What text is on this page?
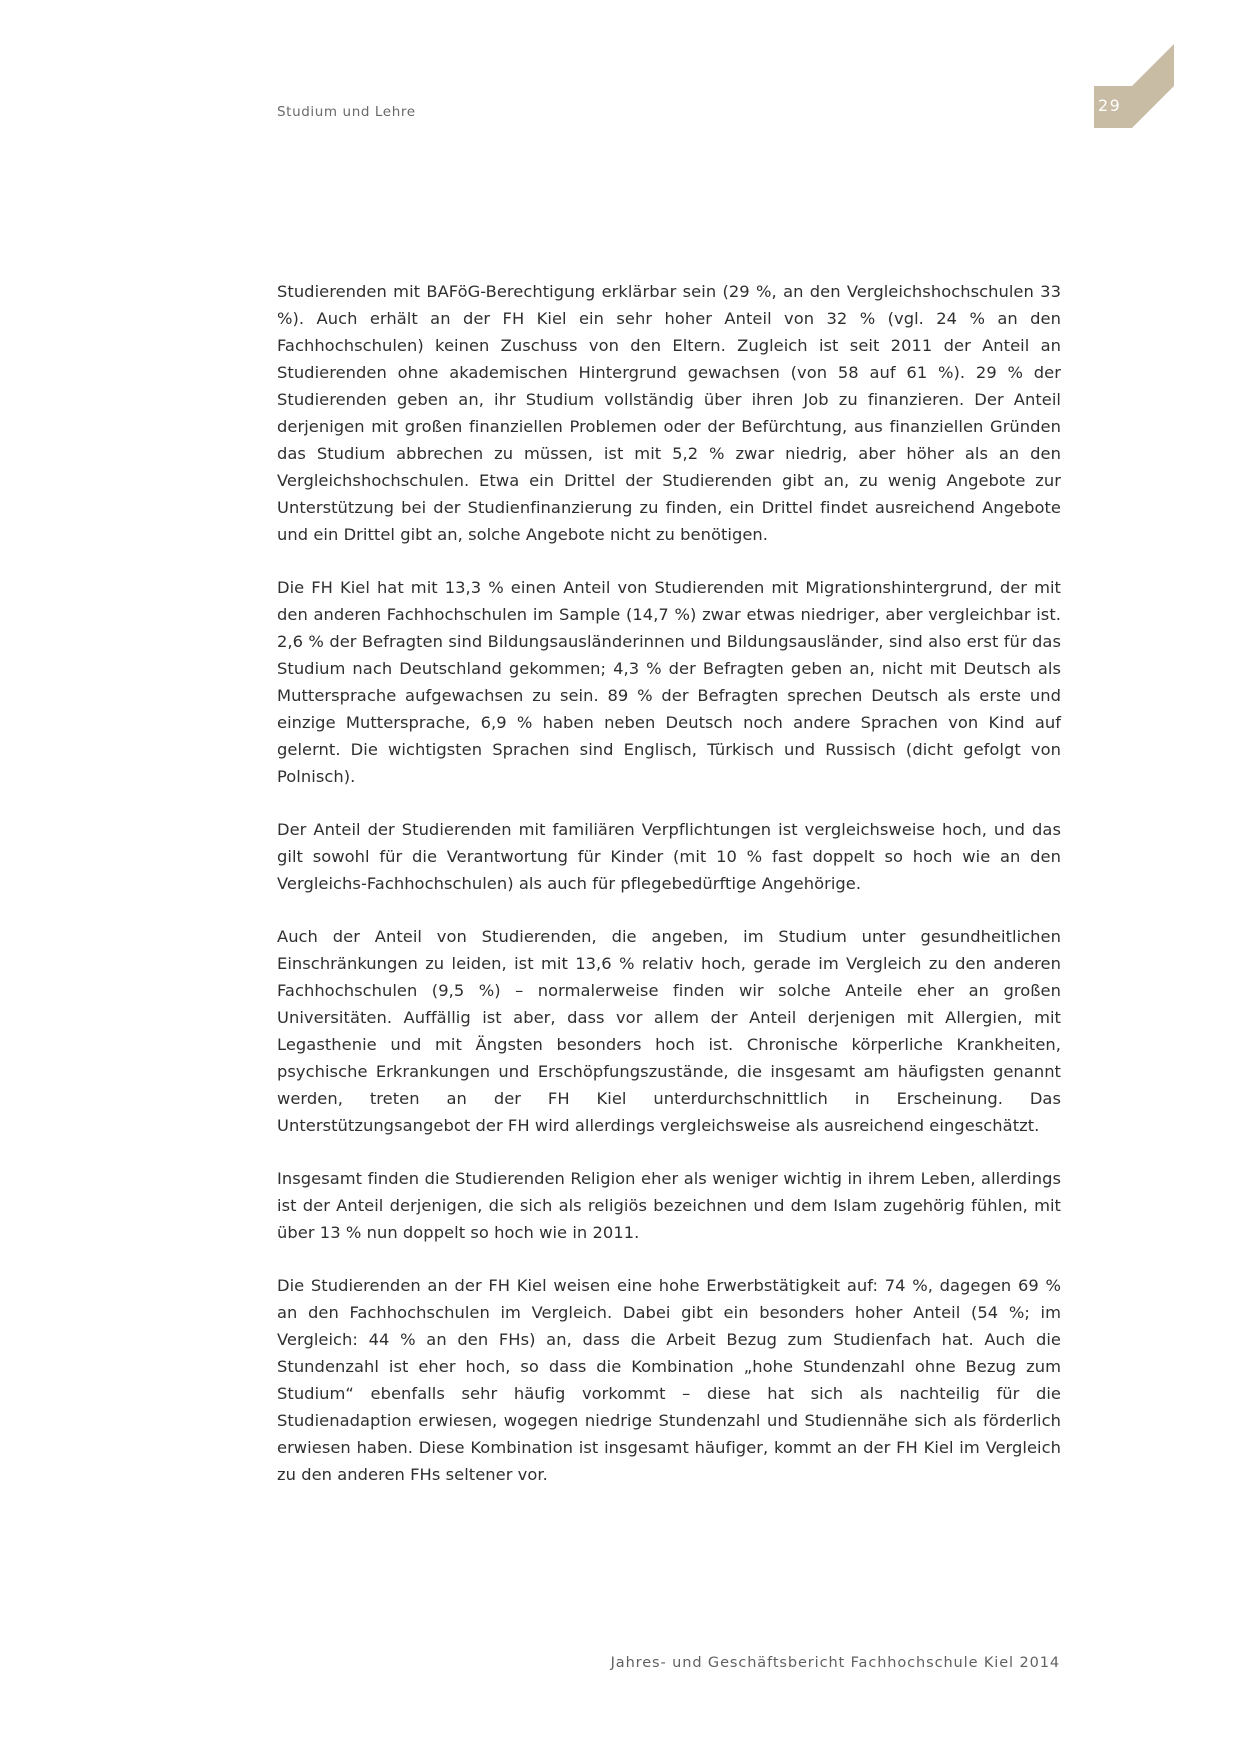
Studium und Lehre	29

Studierenden mit BAFöG-Berechtigung erklärbar sein (29 %, an den Vergleichshochschulen 33 %). Auch erhält an der FH Kiel ein sehr hoher Anteil von 32 % (vgl. 24 % an den Fachhochschulen) keinen Zuschuss von den Eltern. Zugleich ist seit 2011 der Anteil an Studierenden ohne akademischen Hintergrund gewachsen (von 58 auf 61 %). 29 % der Studierenden geben an, ihr Studium vollständig über ihren Job zu finanzieren. Der Anteil derjenigen mit großen finanziellen Problemen oder der Befürchtung, aus finanziellen Gründen das Studium abbrechen zu müssen, ist mit 5,2 % zwar niedrig, aber höher als an den Vergleichshochschulen. Etwa ein Drittel der Studierenden gibt an, zu wenig Angebote zur Unterstützung bei der Studienfinanzierung zu finden, ein Drittel findet ausreichend Angebote und ein Drittel gibt an, solche Angebote nicht zu benötigen.

Die FH Kiel hat mit 13,3 % einen Anteil von Studierenden mit Migrationshintergrund, der mit den anderen Fachhochschulen im Sample (14,7 %) zwar etwas niedriger, aber vergleichbar ist. 2,6 % der Befragten sind Bildungsausländerinnen und Bildungsausländer, sind also erst für das Studium nach Deutschland gekommen; 4,3 % der Befragten geben an, nicht mit Deutsch als Muttersprache aufgewachsen zu sein. 89 % der Befragten sprechen Deutsch als erste und einzige Muttersprache, 6,9 % haben neben Deutsch noch andere Sprachen von Kind auf gelernt. Die wichtigsten Sprachen sind Englisch, Türkisch und Russisch (dicht gefolgt von Polnisch).

Der Anteil der Studierenden mit familiären Verpflichtungen ist vergleichsweise hoch, und das gilt sowohl für die Verantwortung für Kinder (mit 10 % fast doppelt so hoch wie an den Vergleichs-Fachhochschulen) als auch für pflegebedürftige Angehörige.

Auch der Anteil von Studierenden, die angeben, im Studium unter gesundheitlichen Einschränkungen zu leiden, ist mit 13,6 % relativ hoch, gerade im Vergleich zu den anderen Fachhochschulen (9,5 %) – normalerweise finden wir solche Anteile eher an großen Universitäten. Auffällig ist aber, dass vor allem der Anteil derjenigen mit Allergien, mit Legasthenie und mit Ängsten besonders hoch ist. Chronische körperliche Krankheiten, psychische Erkrankungen und Erschöpfungszustände, die insgesamt am häufigsten genannt werden, treten an der FH Kiel unterdurchschnittlich in Erscheinung. Das Unterstützungsangebot der FH wird allerdings vergleichsweise als ausreichend eingeschätzt.

Insgesamt finden die Studierenden Religion eher als weniger wichtig in ihrem Leben, allerdings ist der Anteil derjenigen, die sich als religiös bezeichnen und dem Islam zugehörig fühlen, mit über 13 % nun doppelt so hoch wie in 2011.

Die Studierenden an der FH Kiel weisen eine hohe Erwerbstätigkeit auf: 74 %, dagegen 69 % an den Fachhochschulen im Vergleich. Dabei gibt ein besonders hoher Anteil (54 %; im Vergleich: 44 % an den FHs) an, dass die Arbeit Bezug zum Studienfach hat. Auch die Stundenzahl ist eher hoch, so dass die Kombination „hohe Stundenzahl ohne Bezug zum Studium“ ebenfalls sehr häufig vorkommt – diese hat sich als nachteilig für die Studienadaption erwiesen, wogegen niedrige Stundenzahl und Studiennähe sich als förderlich erwiesen haben. Diese Kombination ist insgesamt häufiger, kommt an der FH Kiel im Vergleich zu den anderen FHs seltener vor.

Jahres- und Geschäftsbericht Fachhochschule Kiel 2014
